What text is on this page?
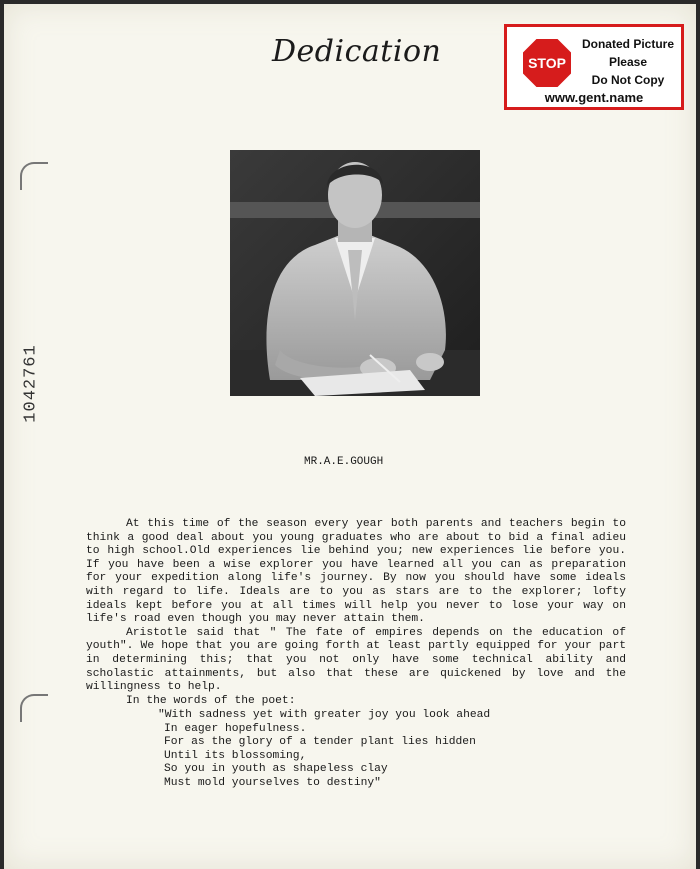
Dedication	STOP
Donated Picture
Please
Do Not Copy
www.gent.name
1042761
MR.A.E.GOUGH

At this time of the season every year both parents and teachers begin to think a good deal about you young graduates who are about to bid a final adieu to high school.Old experiences lie behind you; new experiences lie before you. If you have been a wise explorer you have learned all you can as preparation for your expedition along life's journey. By now you should have some ideals with regard to life. Ideals are to you as stars are to the explorer; lofty ideals kept before you at all times will help you never to lose your way on life's road even though you may never attain them.

Aristotle said that " The fate of empires depends on the education of youth". We hope that you are going forth at least partly equipped for your part in determining this; that you not only have some technical ability and scholastic attainments, but also that these are quickened by love and the willingness to help.

In the words of the poet:

"With sadness yet with greater joy you look ahead
In eager hopefulness.
For as the glory of a tender plant lies hidden
Until its blossoming,
So you in youth as shapeless clay
Must mold yourselves to destiny"
